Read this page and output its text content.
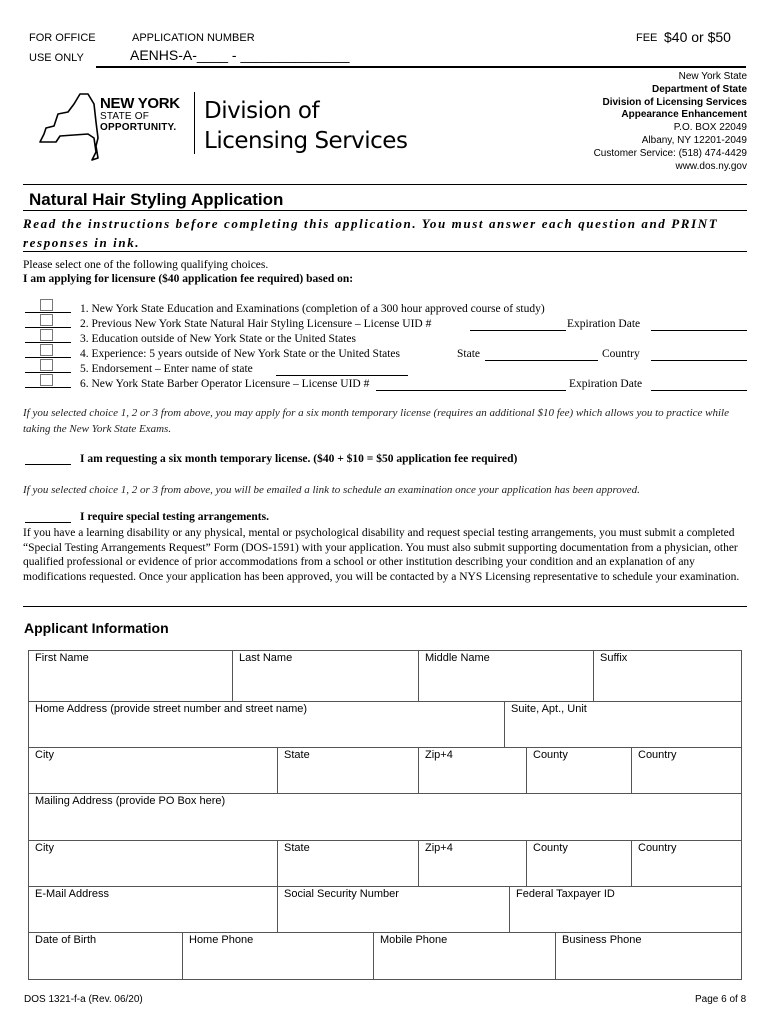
FOR OFFICE
USE ONLY
APPLICATION NUMBER
AENHS-A-____ - ______________
FEE $40 or $50
NEW YORK
STATE OF
OPPORTUNITY.
Division of
Licensing Services
New York State
Department of State
Division of Licensing Services
Appearance Enhancement
P.O. BOX 22049
Albany, NY 12201-2049
Customer Service: (518) 474-4429
www.dos.ny.gov
Natural Hair Styling Application
Read the instructions before completing this application. You must answer each question and PRINT
responses in ink.
Please select one of the following qualifying choices.
I am applying for licensure ($40 application fee required) based on:
1. New York State Education and Examinations (completion of a 300 hour approved course of study)
2. Previous New York State Natural Hair Styling Licensure – License UID #	Expiration Date
3. Education outside of New York State or the United States
4. Experience: 5 years outside of New York State or the United States	State	Country
5. Endorsement – Enter name of state
6. New York State Barber Operator Licensure – License UID #	Expiration Date
If you selected choice 1, 2 or 3 from above, you may apply for a six month temporary license (requires an additional $10 fee) which allows you to practice while taking the New York State Exams.
I am requesting a six month temporary license. ($40 + $10 = $50 application fee required)
If you selected choice 1, 2 or 3 from above, you will be emailed a link to schedule an examination once your application has been approved.
I require special testing arrangements.
If you have a learning disability or any physical, mental or psychological disability and request special testing arrangements, you must submit a completed “Special Testing Arrangements Request” Form (DOS-1591) with your application. You must also submit supporting documentation from a physician, other qualified professional or evidence of prior accommodations from a school or other institution describing your condition and an explanation of any modifications requested. Once your application has been approved, you will be contacted by a NYS Licensing representative to schedule your examination.
Applicant Information
First Name	Last Name	Middle Name	Suffix
Home Address (provide street number and street name)	Suite, Apt., Unit
City	State	Zip+4	County	Country
Mailing Address (provide PO Box here)
City	State	Zip+4	County	Country
E-Mail Address	Social Security Number	Federal Taxpayer ID
Date of Birth	Home Phone	Mobile Phone	Business Phone
DOS 1321-f-a (Rev. 06/20)	Page 6 of 8
